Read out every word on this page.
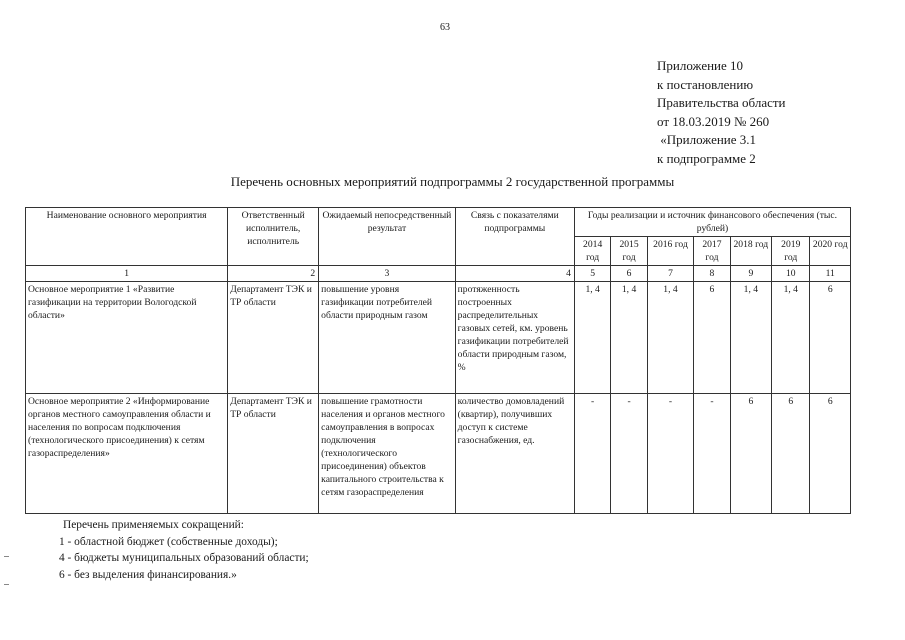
63
Приложение 10
к постановлению
Правительства области
от 18.03.2019 № 260
«Приложение 3.1
к подпрограмме 2
Перечень основных мероприятий подпрограммы 2 государственной программы
Наименование основного мероприятия	Ответственный исполнитель, исполнитель	Ожидаемый непосредственный результат	Связь с показателями подпрограммы	Годы реализации и источник финансового обеспечения (тыс. рублей)						
				2014 год	2015 год	2016 год	2017 год	2018 год	2019 год	2020 год
1	2	3	4	5	6	7	8	9	10	11
Основное мероприятие 1 «Развитие газификации на территории Вологодской области»	Департамент ТЭК и ТР области	повышение уровня газификации потребителей области природным газом	протяженность построенных распределительных газовых сетей, км. уровень газификации потребителей области природным газом, %	1, 4	1, 4	1, 4	6	1, 4	1, 4	6
Основное мероприятие 2 «Информирование органов местного самоуправления области и населения по вопросам подключения (технологического присоединения) к сетям газораспределения»	Департамент ТЭК и ТР области	повышение грамотности населения и органов местного самоуправления в вопросах подключения (технологического присоединения) объектов капитального строительства к сетям газораспределения	количество домовладений (квартир), получивших доступ к системе газоснабжения, ед.	-	-	-	-	6	6	6
Перечень применяемых сокращений:
1 - областной бюджет (собственные доходы);
4 - бюджеты муниципальных образований области;
6 - без выделения финансирования.»
